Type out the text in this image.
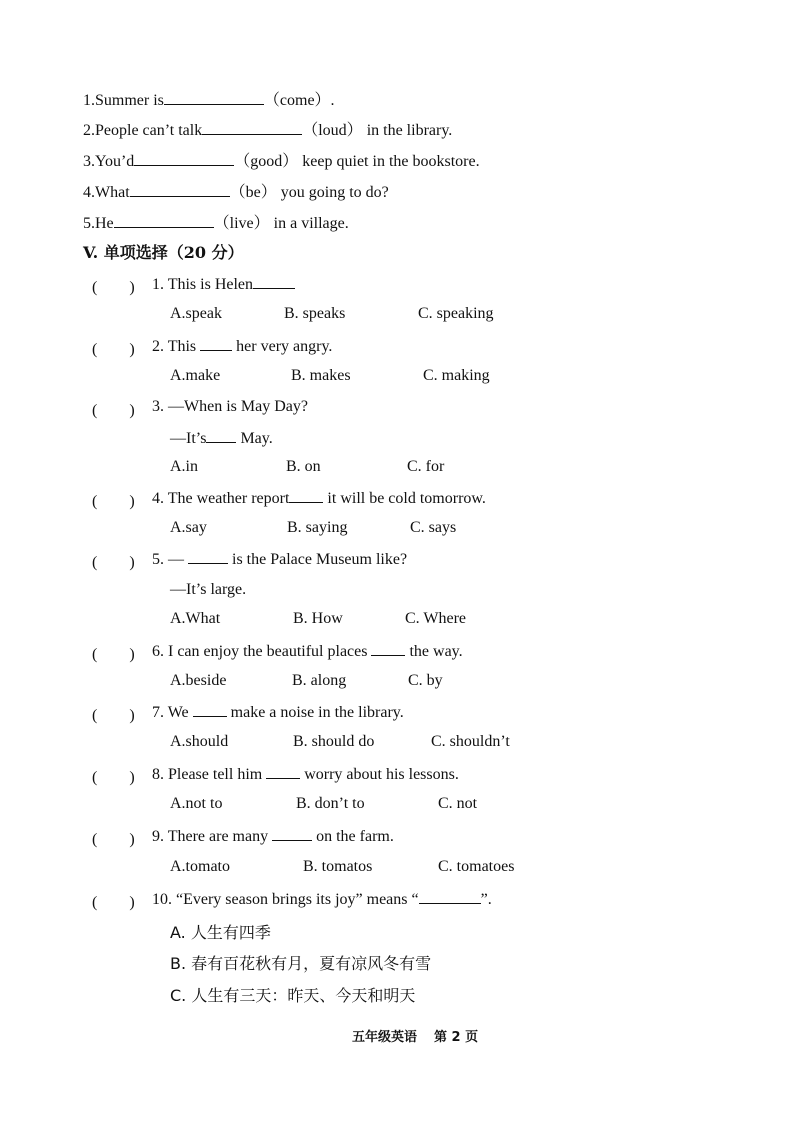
1.Summer is	（come）.
2.People can’t talk	（loud） in the library.
3.You’d	（good） keep quiet in the bookstore.
4.What	（be） you going to do?
5.He	（live） in a village.
V. 单项选择（20 分）
(　　) 1. This is Helen
A.speak	B. speaks	C. speaking
(　　) 2. This  her very angry.
A.make	B. makes	C. making
(　　) 3. —When is May Day?
—It’s May.
A.in	B. on	C. for
(　　) 4. The weather report it will be cold tomorrow.
A.say	B. saying	C. says
(　　) 5. —	is the Palace Museum like?
—It’s large.
A.What	B. How	C. Where
(　　) 6. I can enjoy the beautiful places  the way.
A.beside	B. along	C. by
(　　) 7. We  make a noise in the library.
A.should	B. should do	C. shouldn’t
(　　) 8. Please tell him  worry about his lessons.
A.not to	B. don’t to	C. not
(　　) 9. There are many	on the farm.
A.tomato	B. tomatos	C. tomatoes
(　　) 10. “Every season brings its joy” means “	”.
A. 人生有四季
B. 春有百花秋有月，夏有凉风冬有雪
C. 人生有三天：昨天、今天和明天
五年级英语 第 2 页
